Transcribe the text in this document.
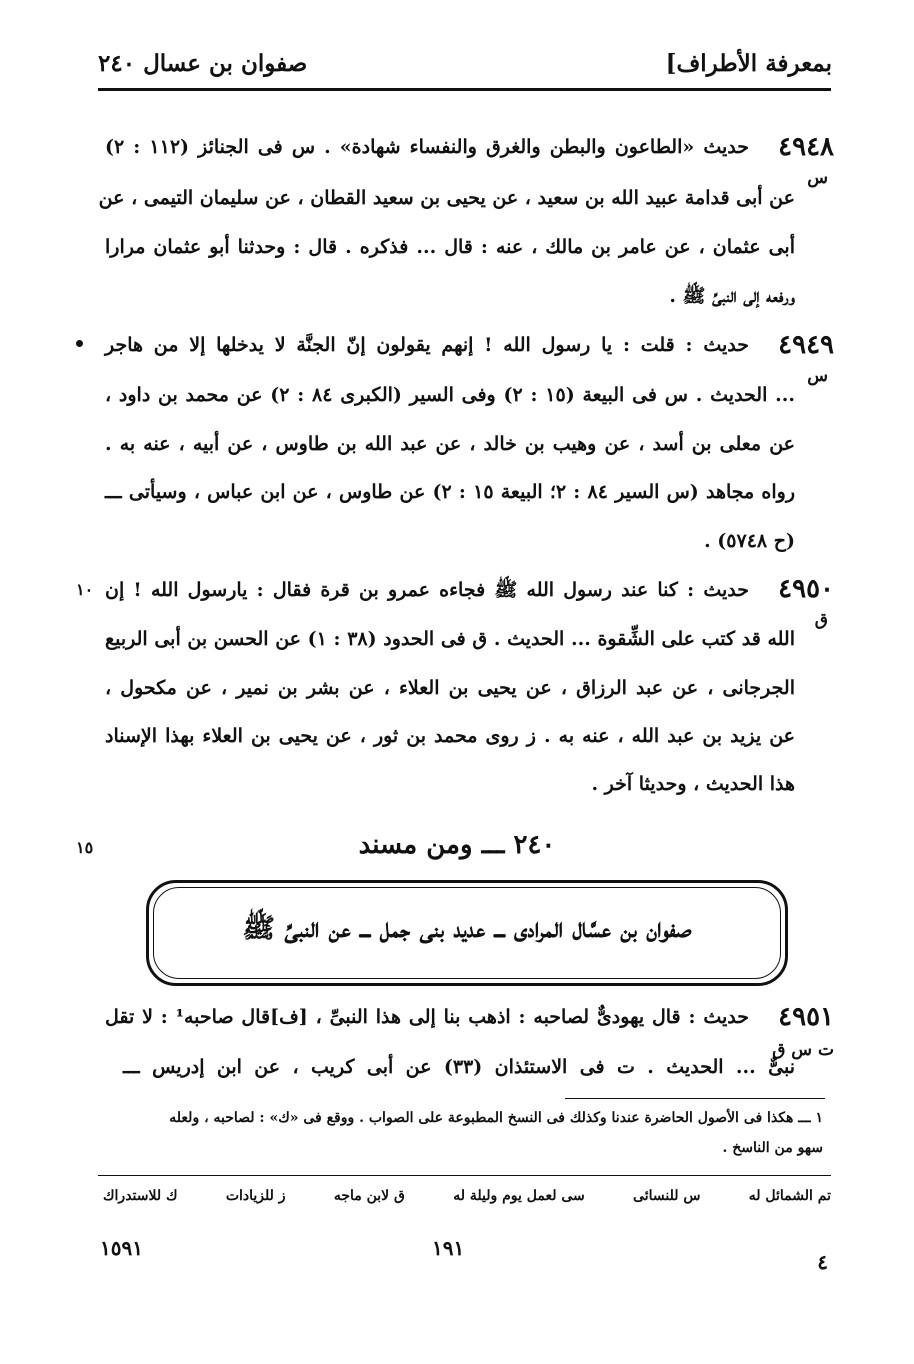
بمعرفة الأطراف]
صفوان بن عسال ٢٤٠
٤٩٤٨
س
حديث «الطاعون والبطن والغرق والنفساء شهادة» . س فى الجنائز (١١٢ : ٢)
عن أبى قدامة عبيد الله بن سعيد ، عن يحيى بن سعيد القطان ، عن سليمان التيمى ، عن
أبى عثمان ، عن عامر بن مالك ، عنه : قال ... فذكره . قال : وحدثنا أبو عثمان مرارا
ورفعه إلى النبىِّ ﷺ .
٤٩٤٩
س
حديث : قلت : يا رسول الله ! إنهم يقولون إنّ الجنَّة لا يدخلها إلا من هاجر
... الحديث . س فى البيعة (١٥ : ٢) وفى السير (الكبرى ٨٤ : ٢) عن محمد بن داود ،
عن معلى بن أسد ، عن وهيب بن خالد ، عن عبد الله بن طاوس ، عن أبيه ، عنه به .
رواه مجاهد (س السير ٨٤ : ٢؛ البيعة ١٥ : ٢) عن طاوس ، عن ابن عباس ، وسيأتى ـــ
(ح ٥٧٤٨) .
١٠	٤٩٥٠
ق
حديث : كنا عند رسول الله ﷺ فجاءه عمرو بن قرة فقال : يارسول الله ! إن
الله قد كتب على الشِّقوة ... الحديث . ق فى الحدود (٣٨ : ١) عن الحسن بن أبى الربيع
الجرجانى ، عن عبد الرزاق ، عن يحيى بن العلاء ، عن بشر بن نمير ، عن مكحول ،
عن يزيد بن عبد الله ، عنه به . ز روى محمد بن ثور ، عن يحيى بن العلاء بهذا الإسناد
هذا الحديث ، وحديثا آخر .
١٥	٢٤٠ ـــ ومن مسند
صفوان بن عسَّال المرادى ـــ عديد بنى جمل ـــ عن النبىِّ ﷺ
٤٩٥١
ت س ق
حديث : قال يهودىٌّ لصاحبه : اذهب بنا إلى هذا النبىِّ ، [ف]قال صاحبه¹ : لا تقل
نبىٌّ ... الحديث . ت فى الاستئذان (٣٣) عن أبى كريب ، عن ابن إدريس ـــ
١ ـــ هكذا فى الأصول الحاضرة عندنا وكذلك فى النسخ المطبوعة على الصواب . ووقع فى «ك» : لصاحبه ، ولعله
سهو من الناسخ .
تم الشمائل له
س للنسائى
سى لعمل يوم وليلة له
ق لابن ماجه
ز للزيادات
ك للاستدراك
٤
١٩١
١٥٩١
